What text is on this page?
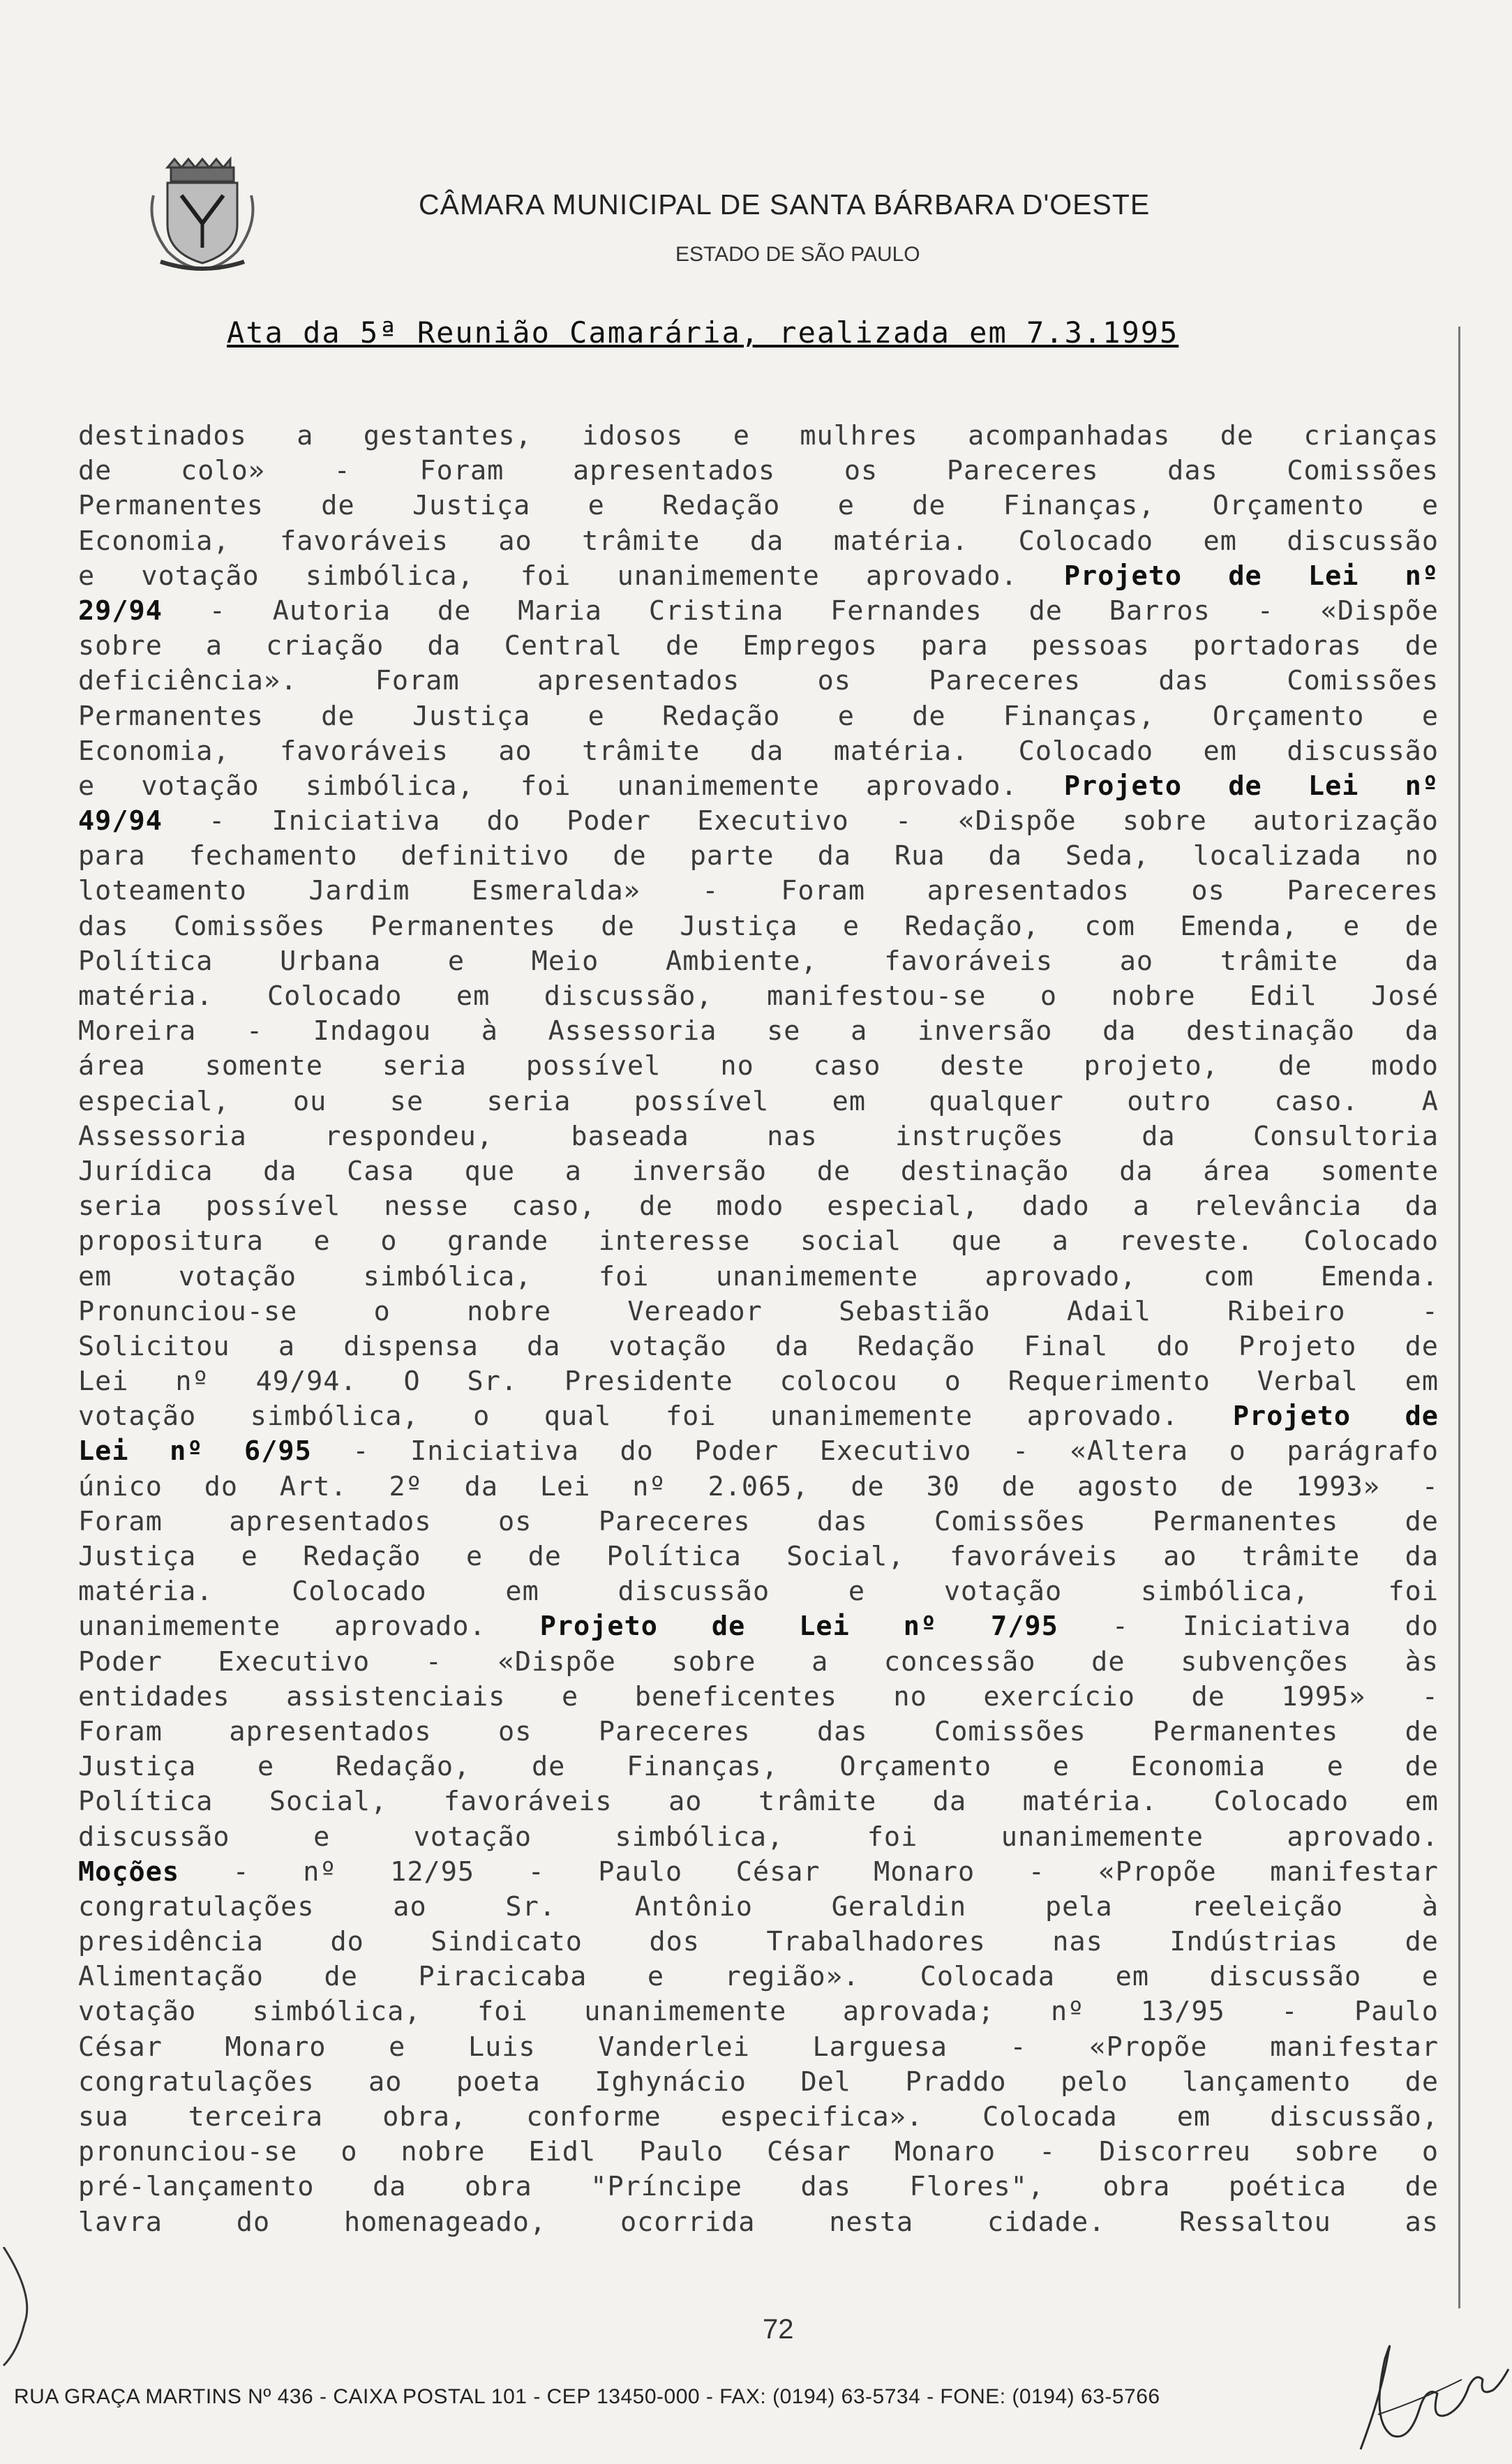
CÂMARA MUNICIPAL DE SANTA BÁRBARA D'OESTE
ESTADO DE SÃO PAULO
Ata da 5ª Reunião Camarária, realizada em 7.3.1995
destinados a gestantes, idosos e mulhres acompanhadas de crianças
de colo» - Foram apresentados os Pareceres das Comissões
Permanentes de Justiça e Redação e de Finanças, Orçamento e
Economia, favoráveis ao trâmite da matéria. Colocado em discussão
e votação simbólica, foi unanimemente aprovado. Projeto de Lei nº
29/94 - Autoria de Maria Cristina Fernandes de Barros - «Dispõe
sobre a criação da Central de Empregos para pessoas portadoras de
deficiência». Foram apresentados os Pareceres das Comissões
Permanentes de Justiça e Redação e de Finanças, Orçamento e
Economia, favoráveis ao trâmite da matéria. Colocado em discussão
e votação simbólica, foi unanimemente aprovado. Projeto de Lei nº
49/94 - Iniciativa do Poder Executivo - «Dispõe sobre autorização
para fechamento definitivo de parte da Rua da Seda, localizada no
loteamento Jardim Esmeralda» - Foram apresentados os Pareceres
das Comissões Permanentes de Justiça e Redação, com Emenda, e de
Política Urbana e Meio Ambiente, favoráveis ao trâmite da
matéria. Colocado em discussão, manifestou-se o nobre Edil José
Moreira - Indagou à Assessoria se a inversão da destinação da
área somente seria possível no caso deste projeto, de modo
especial, ou se seria possível em qualquer outro caso. A
Assessoria respondeu, baseada nas instruções da Consultoria
Jurídica da Casa que a inversão de destinação da área somente
seria possível nesse caso, de modo especial, dado a relevância da
propositura e o grande interesse social que a reveste. Colocado
em votação simbólica, foi unanimemente aprovado, com Emenda.
Pronunciou-se o nobre Vereador Sebastião Adail Ribeiro -
Solicitou a dispensa da votação da Redação Final do Projeto de
Lei nº 49/94. O Sr. Presidente colocou o Requerimento Verbal em
votação simbólica, o qual foi unanimemente aprovado. Projeto de
Lei nº 6/95 - Iniciativa do Poder Executivo - «Altera o parágrafo
único do Art. 2º da Lei nº 2.065, de 30 de agosto de 1993» -
Foram apresentados os Pareceres das Comissões Permanentes de
Justiça e Redação e de Política Social, favoráveis ao trâmite da
matéria. Colocado em discussão e votação simbólica, foi
unanimemente aprovado. Projeto de Lei nº 7/95 - Iniciativa do
Poder Executivo - «Dispõe sobre a concessão de subvenções às
entidades assistenciais e beneficentes no exercício de 1995» -
Foram apresentados os Pareceres das Comissões Permanentes de
Justiça e Redação, de Finanças, Orçamento e Economia e de
Política Social, favoráveis ao trâmite da matéria. Colocado em
discussão e votação simbólica, foi unanimemente aprovado.
Moções - nº 12/95 - Paulo César Monaro - «Propõe manifestar
congratulações ao Sr. Antônio Geraldin pela reeleição à
presidência do Sindicato dos Trabalhadores nas Indústrias de
Alimentação de Piracicaba e região». Colocada em discussão e
votação simbólica, foi unanimemente aprovada; nº 13/95 - Paulo
César Monaro e Luis Vanderlei Larguesa - «Propõe manifestar
congratulações ao poeta Ighynácio Del Praddo pelo lançamento de
sua terceira obra, conforme especifica». Colocada em discussão,
pronunciou-se o nobre Eidl Paulo César Monaro - Discorreu sobre o
pré-lançamento da obra "Príncipe das Flores", obra poética de
lavra do homenageado, ocorrida nesta cidade. Ressaltou as
72
RUA GRAÇA MARTINS Nº 436 - CAIXA POSTAL 101 - CEP 13450-000 - FAX: (0194) 63-5734 - FONE: (0194) 63-5766
